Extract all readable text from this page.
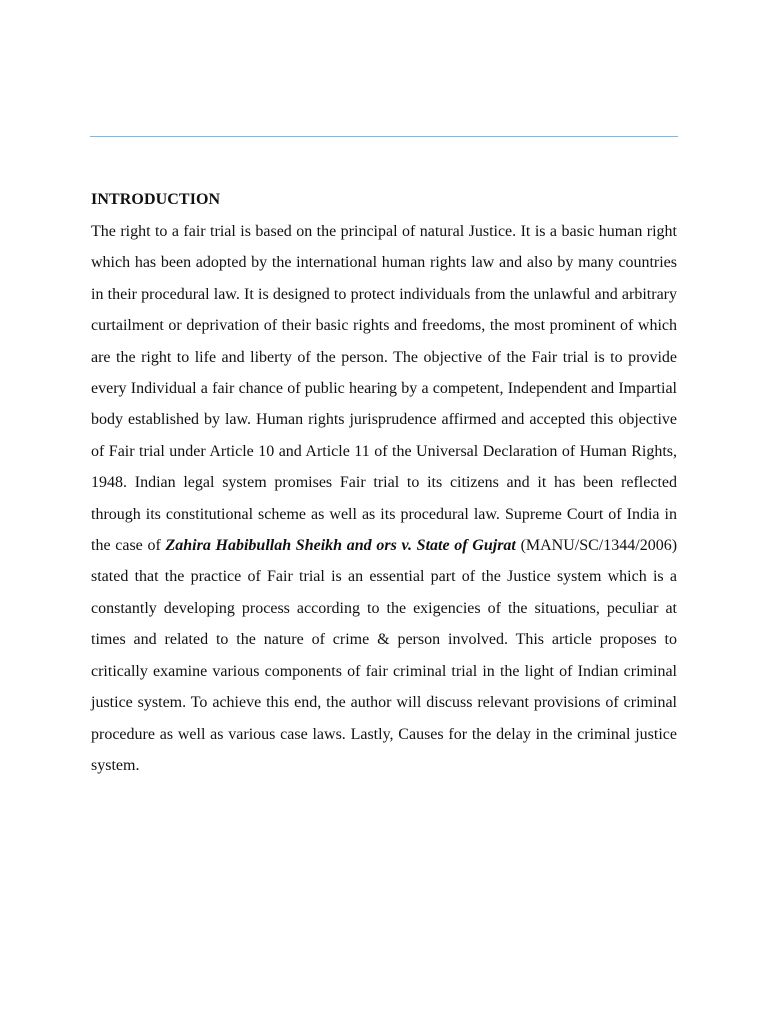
INTRODUCTION

The right to a fair trial is based on the principal of natural Justice. It is a basic human right which has been adopted by the international human rights law and also by many countries in their procedural law. It is designed to protect individuals from the unlawful and arbitrary curtailment or deprivation of their basic rights and freedoms, the most prominent of which are the right to life and liberty of the person. The objective of the Fair trial is to provide every Individual a fair chance of public hearing by a competent, Independent and Impartial body established by law. Human rights jurisprudence affirmed and accepted this objective of Fair trial under Article 10 and Article 11 of the Universal Declaration of Human Rights, 1948. Indian legal system promises Fair trial to its citizens and it has been reflected through its constitutional scheme as well as its procedural law. Supreme Court of India in the case of Zahira Habibullah Sheikh and ors v. State of Gujrat (MANU/SC/1344/2006) stated that the practice of Fair trial is an essential part of the Justice system which is a constantly developing process according to the exigencies of the situations, peculiar at times and related to the nature of crime & person involved. This article proposes to critically examine various components of fair criminal trial in the light of Indian criminal justice system. To achieve this end, the author will discuss relevant provisions of criminal procedure as well as various case laws. Lastly, Causes for the delay in the criminal justice system.
